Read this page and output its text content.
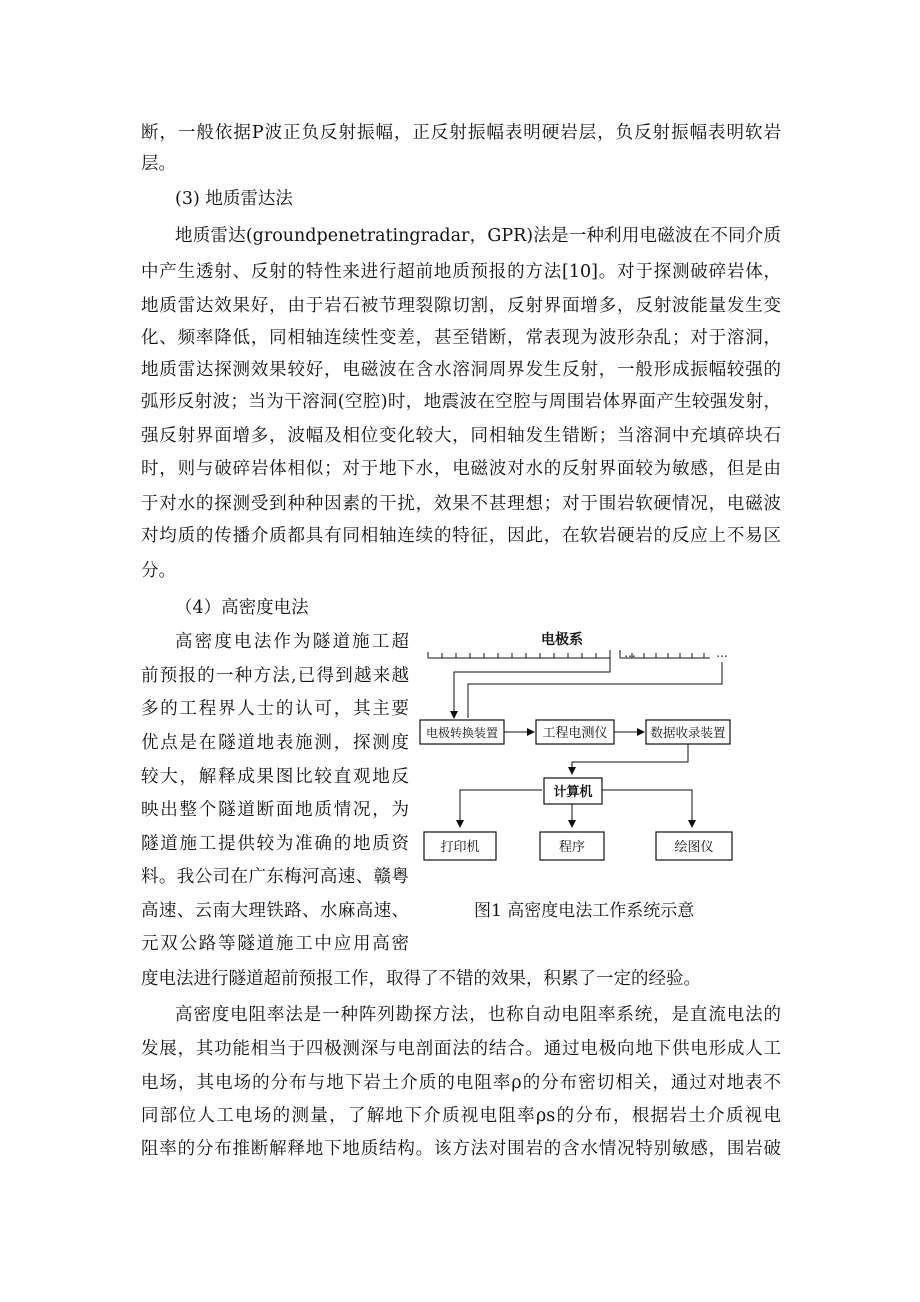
断，一般依据P波正负反射振幅，正反射振幅表明硬岩层，负反射振幅表明软岩
层。
(3) 地质雷达法
地质雷达(groundpenetratingradar，GPR)法是一种利用电磁波在不同介质
中产生透射、反射的特性来进行超前地质预报的方法[10]。对于探测破碎岩体，
地质雷达效果好，由于岩石被节理裂隙切割，反射界面增多，反射波能量发生变
化、频率降低，同相轴连续性变差，甚至错断，常表现为波形杂乱；对于溶洞，
地质雷达探测效果较好，电磁波在含水溶洞周界发生反射，一般形成振幅较强的
弧形反射波；当为干溶洞(空腔)时，地震波在空腔与周围岩体界面产生较强发射，
强反射界面增多，波幅及相位变化较大，同相轴发生错断；当溶洞中充填碎块石
时，则与破碎岩体相似；对于地下水，电磁波对水的反射界面较为敏感，但是由
于对水的探测受到种种因素的干扰，效果不甚理想；对于围岩软硬情况，电磁波
对均质的传播介质都具有同相轴连续的特征，因此，在软岩硬岩的反应上不易区
分。
（4）高密度电法
高密度电法作为隧道施工超
前预报的一种方法,已得到越来越
多的工程界人士的认可，其主要
优点是在隧道地表施测，探测度
较大，解释成果图比较直观地反
映出整个隧道断面地质情况，为
隧道施工提供较为准确的地质资
料。我公司在广东梅河高速、赣粤
高速、云南大理铁路、水麻高速、
元双公路等隧道施工中应用高密
度电法进行隧道超前预报工作，取得了不错的效果，积累了一定的经验。
电极系
...	...
电极转换装置	工程电测仪	数据收录装置
计算机
打印机	程序	绘图仪
图1 高密度电法工作系统示意
高密度电阻率法是一种阵列勘探方法，也称自动电阻率系统，是直流电法的
发展，其功能相当于四极测深与电剖面法的结合。通过电极向地下供电形成人工
电场，其电场的分布与地下岩土介质的电阻率ρ的分布密切相关，通过对地表不
同部位人工电场的测量，了解地下介质视电阻率ρs的分布，根据岩土介质视电
阻率的分布推断解释地下地质结构。该方法对围岩的含水情况特别敏感，围岩破
